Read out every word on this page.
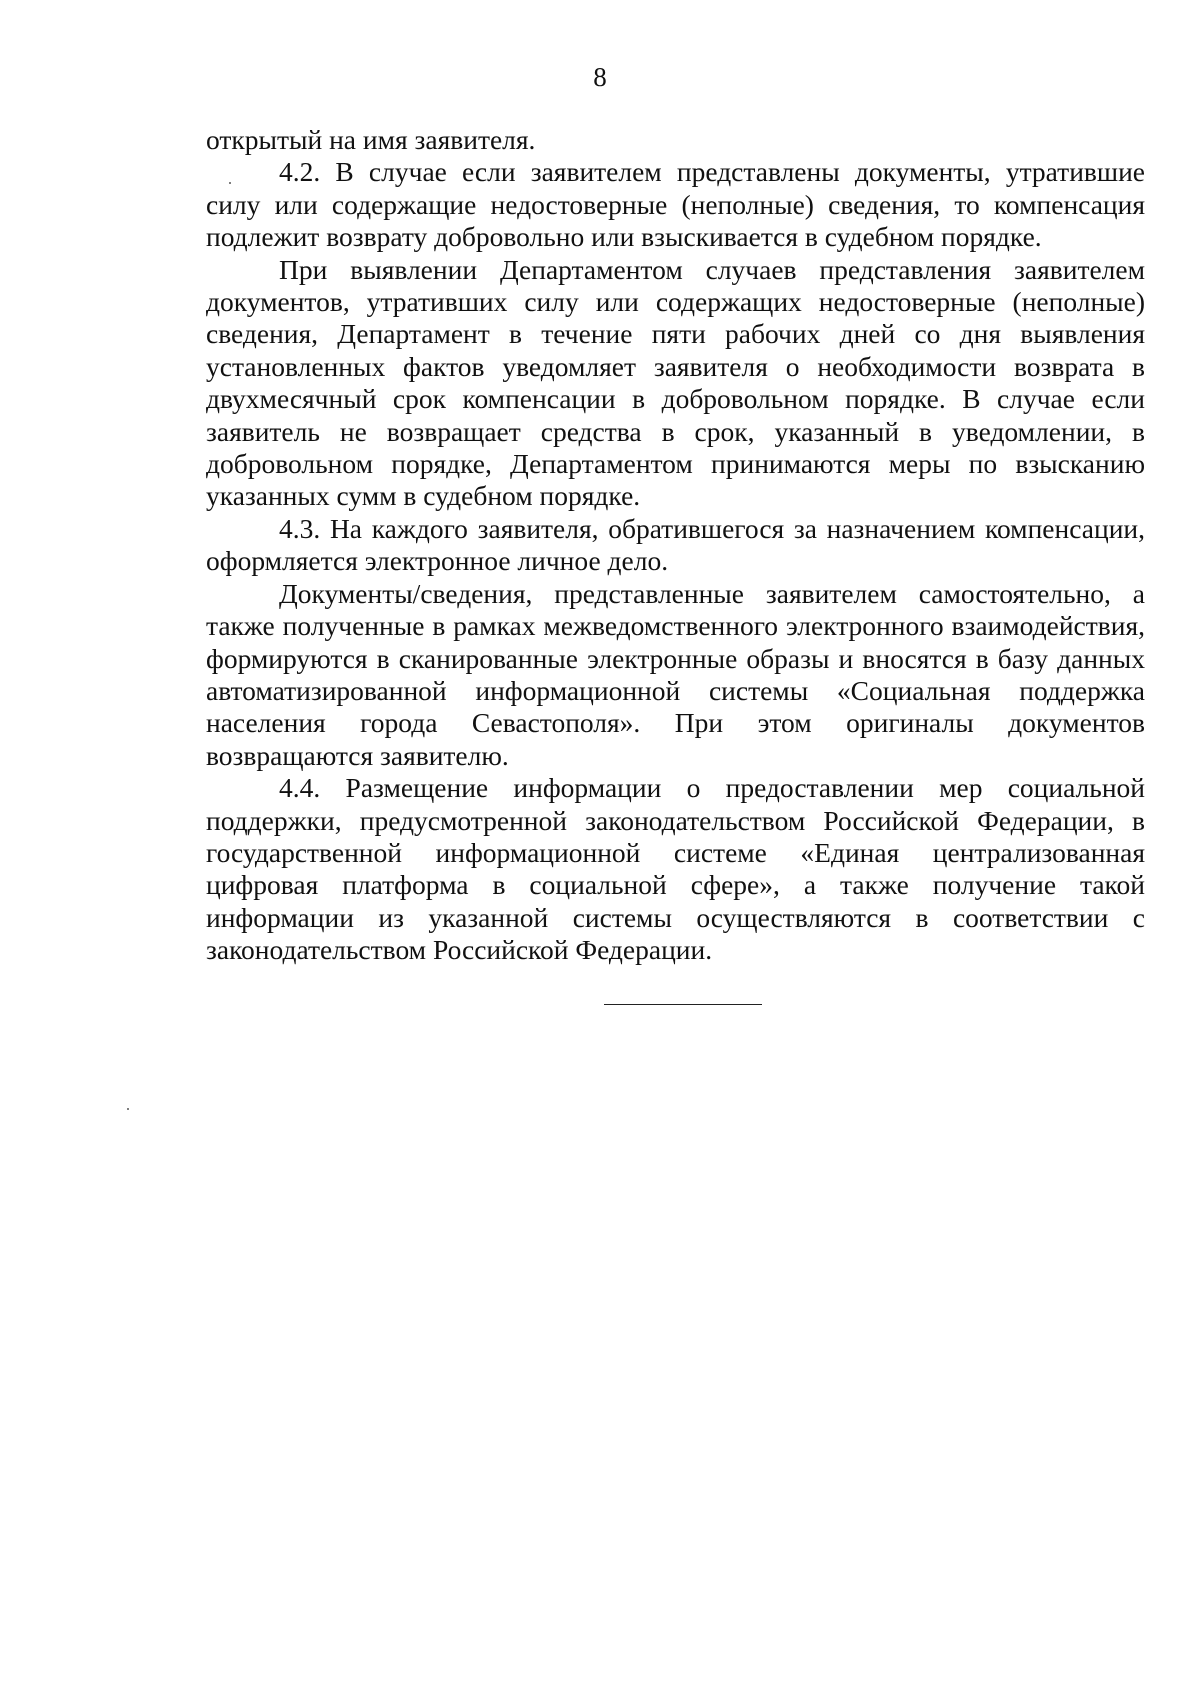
8

открытый на имя заявителя.

4.2. В случае если заявителем представлены документы, утратившие силу или содержащие недостоверные (неполные) сведения, то компенсация подлежит возврату добровольно или взыскивается в судебном порядке.

При выявлении Департаментом случаев представления заявителем документов, утративших силу или содержащих недостоверные (неполные) сведения, Департамент в течение пяти рабочих дней со дня выявления установленных фактов уведомляет заявителя о необходимости возврата в двухмесячный срок компенсации в добровольном порядке. В случае если заявитель не возвращает средства в срок, указанный в уведомлении, в добровольном порядке, Департаментом принимаются меры по взысканию указанных сумм в судебном порядке.

4.3. На каждого заявителя, обратившегося за назначением компенсации, оформляется электронное личное дело.

Документы/сведения, представленные заявителем самостоятельно, а также полученные в рамках межведомственного электронного взаимодействия, формируются в сканированные электронные образы и вносятся в базу данных автоматизированной информационной системы «Социальная поддержка населения города Севастополя». При этом оригиналы документов возвращаются заявителю.

4.4. Размещение информации о предоставлении мер социальной поддержки, предусмотренной законодательством Российской Федерации, в государственной информационной системе «Единая централизованная цифровая платформа в социальной сфере», а также получение такой информации из указанной системы осуществляются в соответствии с законодательством Российской Федерации.
